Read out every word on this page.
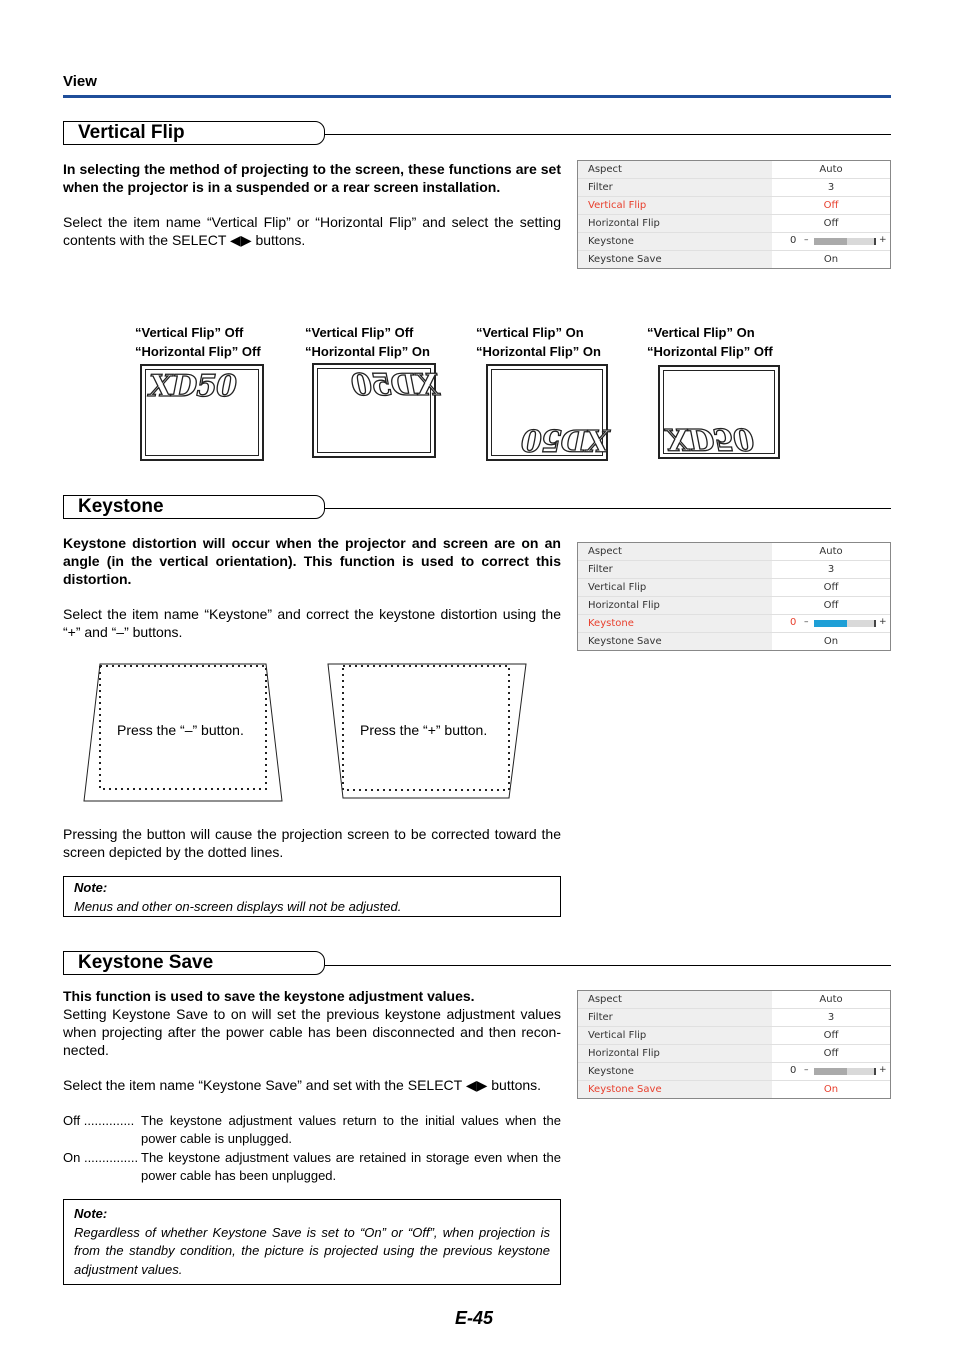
View
Vertical Flip
In selecting the method of projecting to the screen, these functions are set when the projector is in a suspended or a rear screen installation.
Select the item name “Vertical Flip” or “Horizontal Flip” and select the setting contents with the SELECT ◀▶ buttons.
Aspect	Auto
Filter	3
Vertical Flip	Off
Horizontal Flip	Off
Keystone	0 –	+
Keystone Save	On
“Vertical Flip” Off
“Horizontal Flip” Off
“Vertical Flip” Off
“Horizontal Flip” On
“Vertical Flip” On
“Horizontal Flip” On
“Vertical Flip” On
“Horizontal Flip” Off
XD50	XD50
XD50 XD50
Keystone
Keystone distortion will occur when the projector and screen are on an angle (in the vertical orientation). This function is used to correct this distortion.
Select the item name “Keystone” and correct the keystone distortion using the “+” and “–” buttons.
Aspect	Auto
Filter	3
Vertical Flip	Off
Horizontal Flip	Off
Keystone	0 –	+
Keystone Save	On
Press the “–” button.	Press the “+” button.
Pressing the button will cause the projection screen to be corrected toward the screen depicted by the dotted lines.
Note:
Menus and other on-screen displays will not be adjusted.
Keystone Save
This function is used to save the keystone adjustment values.
Setting Keystone Save to on will set the previous keystone adjustment values when projecting after the power cable has been disconnected and then recon-nected.
Select the item name “Keystone Save” and set with the SELECT ◀▶ buttons.
Aspect	Auto
Filter	3
Vertical Flip	Off
Horizontal Flip	Off
Keystone	0 –	+
Keystone Save	On
Off .............. The keystone adjustment values return to the initial values when the power cable is unplugged.
On ............... The keystone adjustment values are retained in storage even when the power cable has been unplugged.
Note:
Regardless of whether Keystone Save is set to “On” or “Off”, when projection is from the standby condition, the picture is projected using the previous keystone adjustment values.
E-45
